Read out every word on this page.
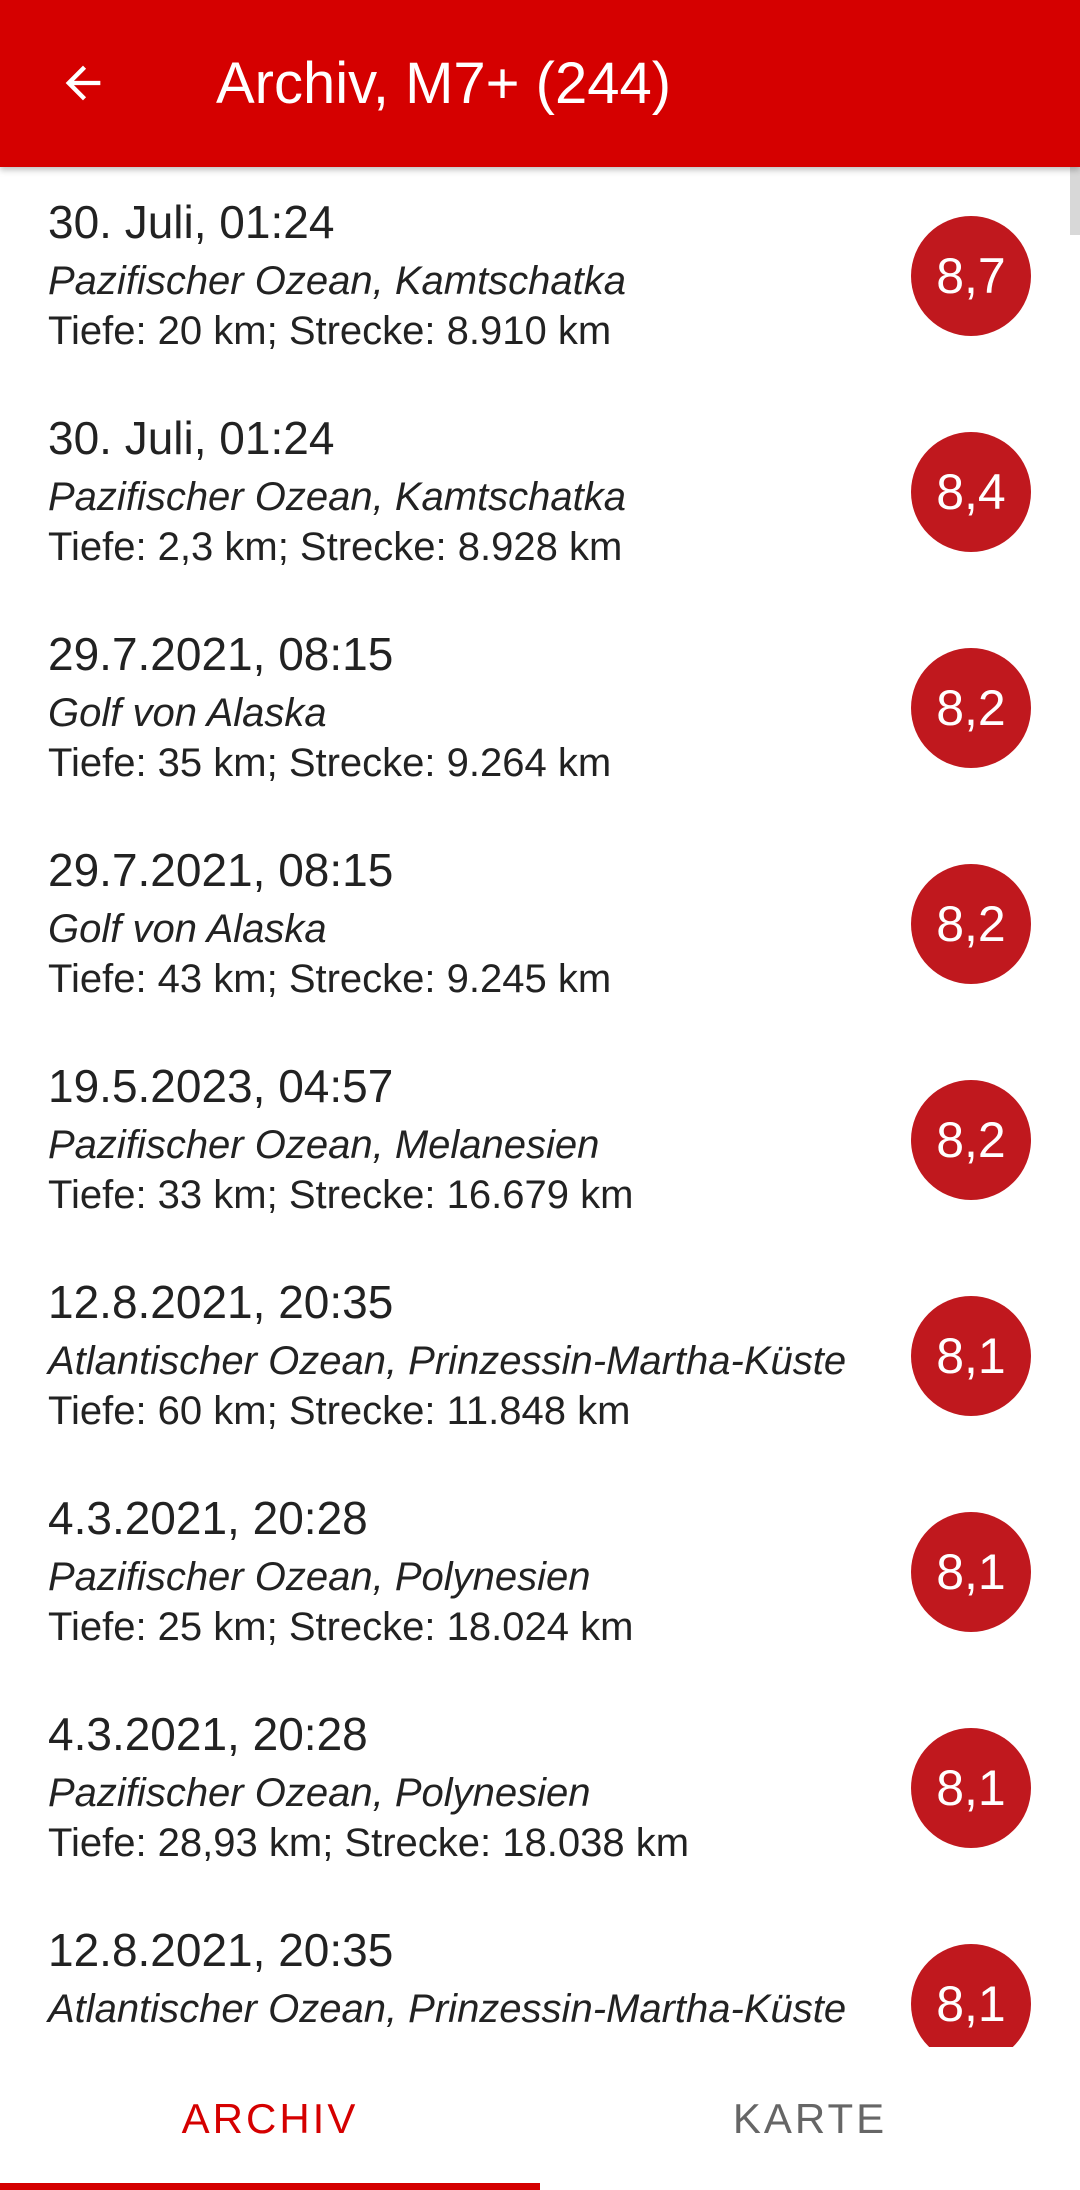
Archiv, M7+ (244)
30. Juli, 01:24
Pazifischer Ozean, Kamtschatka
Tiefe: 20 km; Strecke: 8.910 km
8,7
30. Juli, 01:24
Pazifischer Ozean, Kamtschatka
Tiefe: 2,3 km; Strecke: 8.928 km
8,4
29.7.2021, 08:15
Golf von Alaska
Tiefe: 35 km; Strecke: 9.264 km
8,2
29.7.2021, 08:15
Golf von Alaska
Tiefe: 43 km; Strecke: 9.245 km
8,2
19.5.2023, 04:57
Pazifischer Ozean, Melanesien
Tiefe: 33 km; Strecke: 16.679 km
8,2
12.8.2021, 20:35
Atlantischer Ozean, Prinzessin-Martha-Küste
Tiefe: 60 km; Strecke: 11.848 km
8,1
4.3.2021, 20:28
Pazifischer Ozean, Polynesien
Tiefe: 25 km; Strecke: 18.024 km
8,1
4.3.2021, 20:28
Pazifischer Ozean, Polynesien
Tiefe: 28,93 km; Strecke: 18.038 km
8,1
12.8.2021, 20:35
Atlantischer Ozean, Prinzessin-Martha-Küste	8,1
ARCHIV	KARTE
